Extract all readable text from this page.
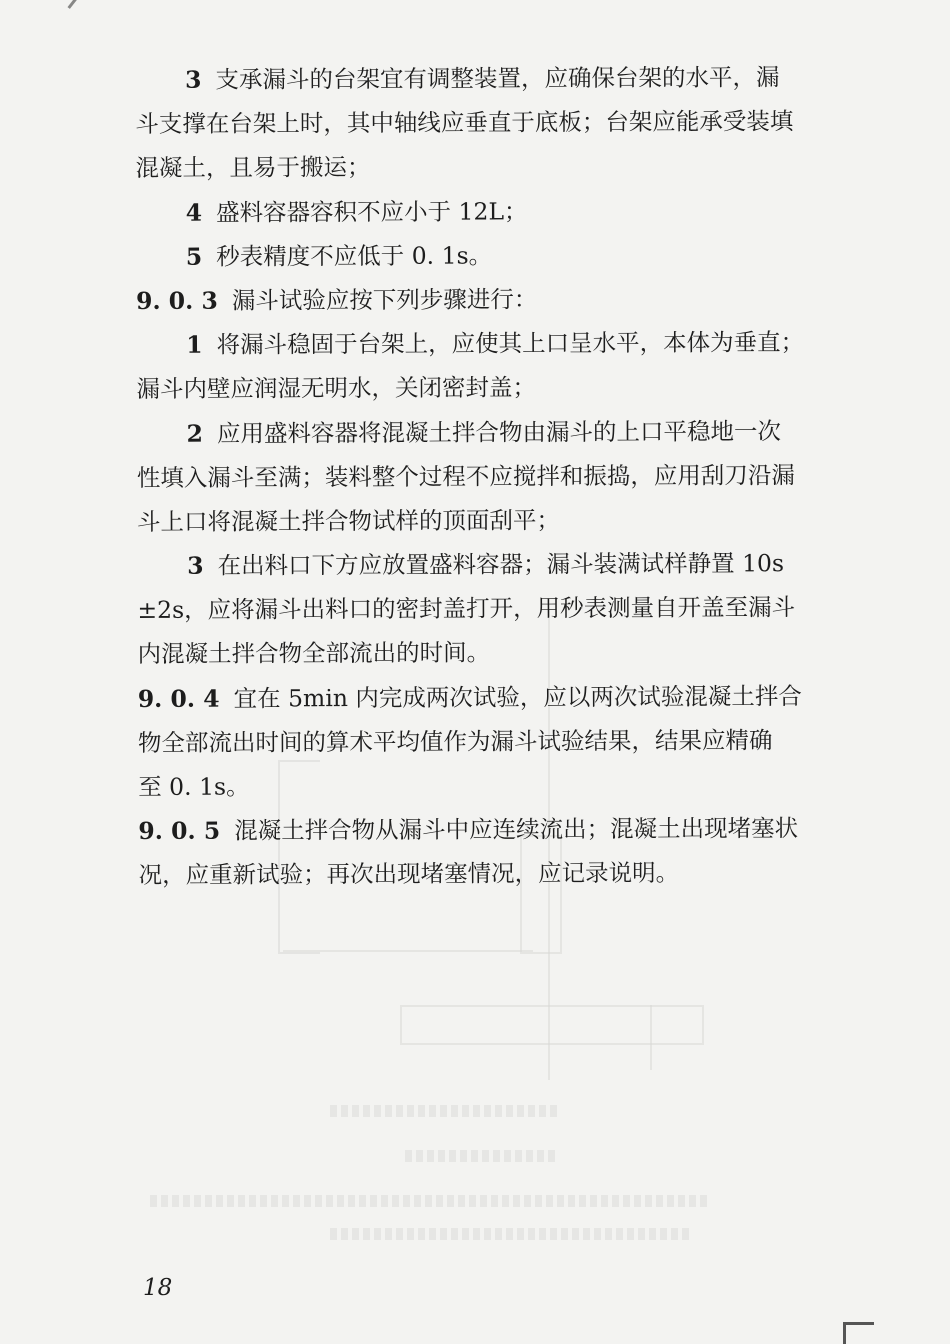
3 支承漏斗的台架宜有调整装置，应确保台架的水平，漏
斗支撑在台架上时，其中轴线应垂直于底板；台架应能承受装填
混凝土，且易于搬运；
4 盛料容器容积不应小于 12L；
5 秒表精度不应低于 0. 1s。
9. 0. 3 漏斗试验应按下列步骤进行：
1 将漏斗稳固于台架上，应使其上口呈水平，本体为垂直；
漏斗内壁应润湿无明水，关闭密封盖；
2 应用盛料容器将混凝土拌合物由漏斗的上口平稳地一次
性填入漏斗至满；装料整个过程不应搅拌和振捣，应用刮刀沿漏
斗上口将混凝土拌合物试样的顶面刮平；
3 在出料口下方应放置盛料容器；漏斗装满试样静置 10s
±2s，应将漏斗出料口的密封盖打开，用秒表测量自开盖至漏斗
内混凝土拌合物全部流出的时间。
9. 0. 4 宜在 5min 内完成两次试验，应以两次试验混凝土拌合
物全部流出时间的算术平均值作为漏斗试验结果，结果应精确
至 0. 1s。
9. 0. 5 混凝土拌合物从漏斗中应连续流出；混凝土出现堵塞状
况，应重新试验；再次出现堵塞情况，应记录说明。
18
